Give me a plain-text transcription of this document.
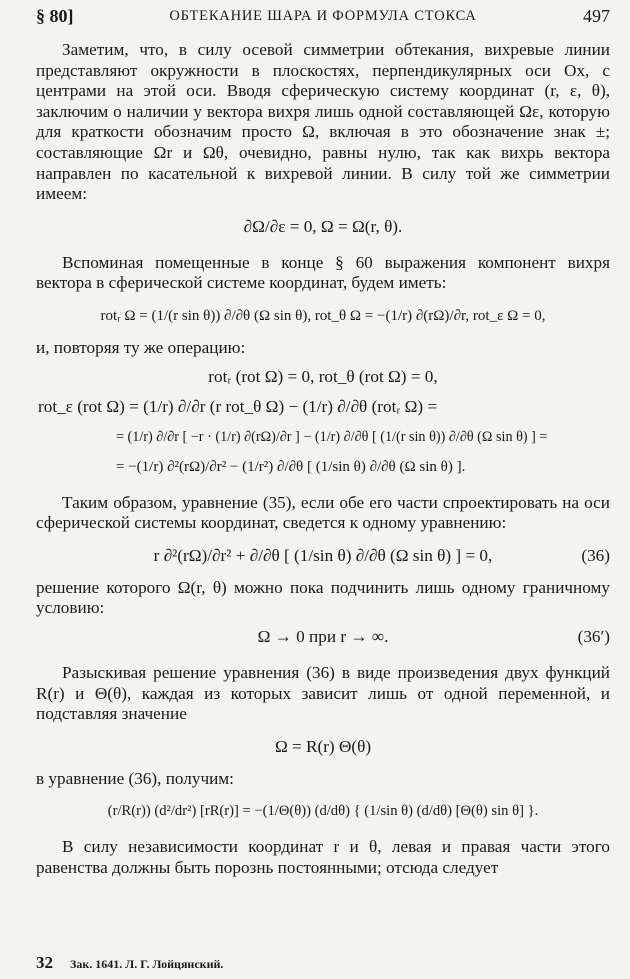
§ 80]	ОБТЕКАНИЕ ШАРА И ФОРМУЛА СТОКСА	497

Заметим, что, в силу осевой симметрии обтекания, вихревые линии представляют окружности в плоскостях, перпендикулярных оси Ox, с центрами на этой оси. Вводя сферическую систему координат (r, ε, θ), заключим о наличии у вектора вихря лишь одной составляющей Ωε, которую для краткости обозначим просто Ω, включая в это обозначение знак ±; составляющие Ωr и Ωθ, очевидно, равны нулю, так как вихрь вектора направлен по касательной к вихревой линии. В силу той же симметрии имеем:

∂Ω/∂ε = 0, Ω = Ω(r, θ).

Вспоминая помещенные в конце § 60 выражения компонент вихря вектора в сферической системе координат, будем иметь:

rotᵣ Ω = (1/(r sin θ)) ∂/∂θ (Ω sin θ), rot_θ Ω = −(1/r) ∂(rΩ)/∂r, rot_ε Ω = 0,

и, повторяя ту же операцию:

rotᵣ (rot Ω) = 0, rot_θ (rot Ω) = 0,
rot_ε (rot Ω) = (1/r) ∂/∂r (r rot_θ Ω) − (1/r) ∂/∂θ (rotᵣ Ω) =
= (1/r) ∂/∂r [ −r · (1/r) ∂(rΩ)/∂r ] − (1/r) ∂/∂θ [ (1/(r sin θ)) ∂/∂θ (Ω sin θ) ] =
= −(1/r) ∂²(rΩ)/∂r² − (1/r²) ∂/∂θ [ (1/sin θ) ∂/∂θ (Ω sin θ) ].

Таким образом, уравнение (35), если обе его части спроектировать на оси сферической системы координат, сведется к одному уравнению:

r ∂²(rΩ)/∂r² + ∂/∂θ [ (1/sin θ) ∂/∂θ (Ω sin θ) ] = 0,	(36)

решение которого Ω(r, θ) можно пока подчинить лишь одному граничному условию:

Ω → 0 при r → ∞.	(36′)

Разыскивая решение уравнения (36) в виде произведения двух функций R(r) и Θ(θ), каждая из которых зависит лишь от одной переменной, и подставляя значение

Ω = R(r) Θ(θ)

в уравнение (36), получим:

(r/R(r)) (d²/dr²) [rR(r)] = −(1/Θ(θ)) (d/dθ) { (1/sin θ) (d/dθ) [Θ(θ) sin θ] }.

В силу независимости координат r и θ, левая и правая части этого равенства должны быть порознь постоянными; отсюда следует

32 Зак. 1641. Л. Г. Лойцянский.
